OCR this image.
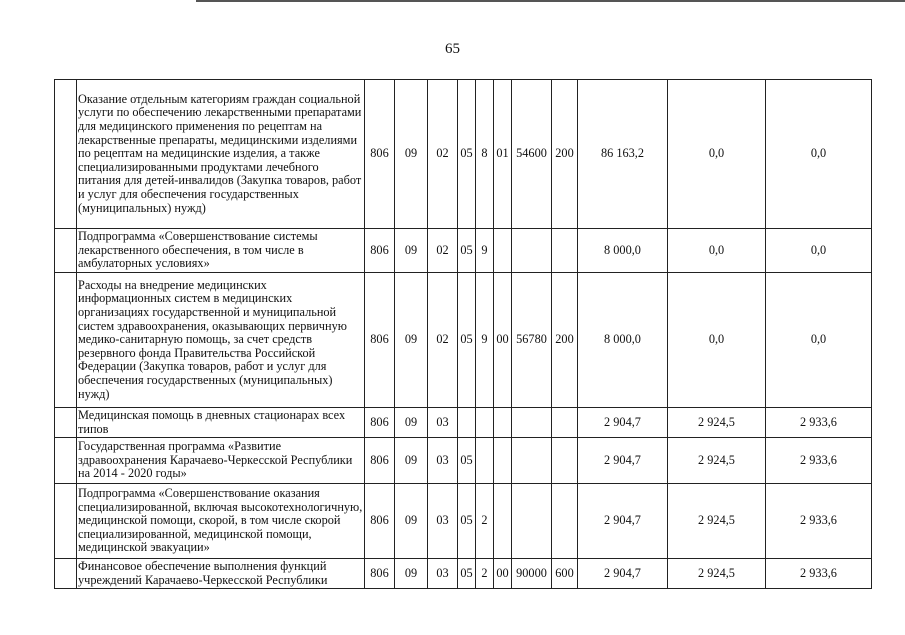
65
	Оказание отдельным категориям граждан социальной услуги по обеспечению лекарственными препаратами для медицинского применения по рецептам на лекарственные препараты, медицинскими изделиями по рецептам на медицинские изделия, а также специализированными продуктами лечебного питания для детей-инвалидов (Закупка товаров, работ и услуг для обеспечения государственных (муниципальных) нужд)	806	09	02	05	8	01	54600	200	86 163,2	0,0	0,0
	Подпрограмма «Совершенствование системы лекарственного обеспечения, в том числе в амбулаторных условиях»	806	09	02	05	9				8 000,0	0,0	0,0
	Расходы на внедрение медицинских информационных систем в медицинских организациях государственной и муниципальной систем здравоохранения, оказывающих первичную медико-санитарную помощь, за счет средств резервного фонда Правительства Российской Федерации (Закупка товаров, работ и услуг для обеспечения государственных (муниципальных) нужд)	806	09	02	05	9	00	56780	200	8 000,0	0,0	0,0
	Медицинская помощь в дневных стационарах всех типов	806	09	03						2 904,7	2 924,5	2 933,6
	Государственная программа «Развитие здравоохранения Карачаево-Черкесской Республики на 2014 - 2020 годы»	806	09	03	05					2 904,7	2 924,5	2 933,6
	Подпрограмма «Совершенствование оказания специализированной, включая высокотехнологичную, медицинской помощи, скорой, в том числе скорой специализированной, медицинской помощи, медицинской эвакуации»	806	09	03	05	2				2 904,7	2 924,5	2 933,6
	Финансовое обеспечение выполнения функций учреждений Карачаево-Черкесской Республики	806	09	03	05	2	00	90000	600	2 904,7	2 924,5	2 933,6
